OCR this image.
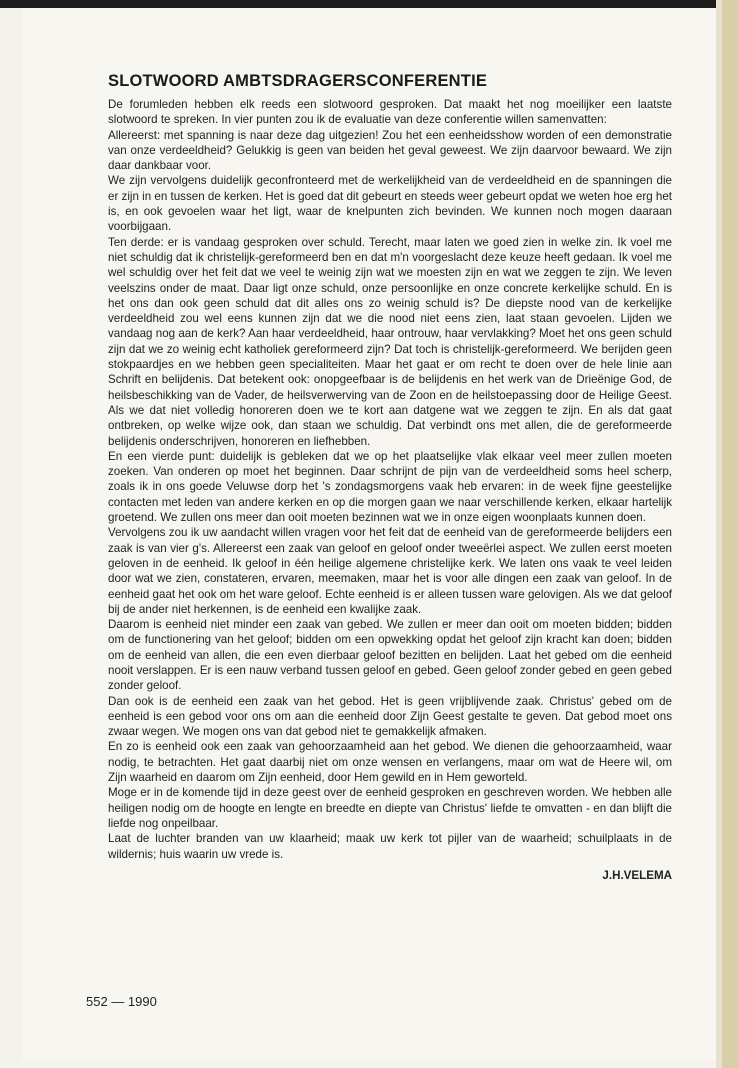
SLOTWOORD AMBTSDRAGERSCONFERENTIE

De forumleden hebben elk reeds een slotwoord gesproken. Dat maakt het nog moeilijker een laatste slotwoord te spreken. In vier punten zou ik de evaluatie van deze conferentie willen samenvatten:

Allereerst: met spanning is naar deze dag uitgezien! Zou het een eenheidsshow worden of een demonstratie van onze verdeeldheid? Gelukkig is geen van beiden het geval geweest. We zijn daarvoor bewaard. We zijn daar dankbaar voor.

We zijn vervolgens duidelijk geconfronteerd met de werkelijkheid van de verdeeldheid en de spanningen die er zijn in en tussen de kerken. Het is goed dat dit gebeurt en steeds weer gebeurt opdat we weten hoe erg het is, en ook gevoelen waar het ligt, waar de knelpunten zich bevinden. We kunnen noch mogen daaraan voorbijgaan.

Ten derde: er is vandaag gesproken over schuld. Terecht, maar laten we goed zien in welke zin. Ik voel me niet schuldig dat ik christelijk-gereformeerd ben en dat m'n voorgeslacht deze keuze heeft gedaan. Ik voel me wel schuldig over het feit dat we veel te weinig zijn wat we moesten zijn en wat we zeggen te zijn. We leven veelszins onder de maat. Daar ligt onze schuld, onze persoonlijke en onze concrete kerkelijke schuld. En is het ons dan ook geen schuld dat dit alles ons zo weinig schuld is? De diepste nood van de kerkelijke verdeeldheid zou wel eens kunnen zijn dat we die nood niet eens zien, laat staan gevoelen. Lijden we vandaag nog aan de kerk? Aan haar verdeeldheid, haar ontrouw, haar vervlakking? Moet het ons geen schuld zijn dat we zo weinig echt katholiek gereformeerd zijn? Dat toch is christelijk-gereformeerd. We berijden geen stokpaardjes en we hebben geen specialiteiten. Maar het gaat er om recht te doen over de hele linie aan Schrift en belijdenis. Dat betekent ook: onopgeefbaar is de belijdenis en het werk van de Drieënige God, de heilsbeschikking van de Vader, de heilsverwerving van de Zoon en de heilstoepassing door de Heilige Geest. Als we dat niet volledig honoreren doen we te kort aan datgene wat we zeggen te zijn. En als dat gaat ontbreken, op welke wijze ook, dan staan we schuldig. Dat verbindt ons met allen, die de gereformeerde belijdenis onderschrijven, honoreren en liefhebben.

En een vierde punt: duidelijk is gebleken dat we op het plaatselijke vlak elkaar veel meer zullen moeten zoeken. Van onderen op moet het beginnen. Daar schrijnt de pijn van de verdeeldheid soms heel scherp, zoals ik in ons goede Veluwse dorp het 's zondagsmorgens vaak heb ervaren: in de week fijne geestelijke contacten met leden van andere kerken en op die morgen gaan we naar verschillende kerken, elkaar hartelijk groetend. We zullen ons meer dan ooit moeten bezinnen wat we in onze eigen woonplaats kunnen doen.

Vervolgens zou ik uw aandacht willen vragen voor het feit dat de eenheid van de gereformeerde belijders een zaak is van vier g's. Allereerst een zaak van geloof en geloof onder tweeërlei aspect. We zullen eerst moeten geloven in de eenheid. Ik geloof in één heilige algemene christelijke kerk. We laten ons vaak te veel leiden door wat we zien, constateren, ervaren, meemaken, maar het is voor alle dingen een zaak van geloof. In de eenheid gaat het ook om het ware geloof. Echte eenheid is er alleen tussen ware gelovigen. Als we dat geloof bij de ander niet herkennen, is de eenheid een kwalijke zaak.

Daarom is eenheid niet minder een zaak van gebed. We zullen er meer dan ooit om moeten bidden; bidden om de functionering van het geloof; bidden om een opwekking opdat het geloof zijn kracht kan doen; bidden om de eenheid van allen, die een even dierbaar geloof bezitten en belijden. Laat het gebed om die eenheid nooit verslappen. Er is een nauw verband tussen geloof en gebed. Geen geloof zonder gebed en geen gebed zonder geloof.

Dan ook is de eenheid een zaak van het gebod. Het is geen vrijblijvende zaak. Christus' gebed om de eenheid is een gebod voor ons om aan die eenheid door Zijn Geest gestalte te geven. Dat gebod moet ons zwaar wegen. We mogen ons van dat gebod niet te gemakkelijk afmaken.

En zo is eenheid ook een zaak van gehoorzaamheid aan het gebod. We dienen die gehoorzaamheid, waar nodig, te betrachten. Het gaat daarbij niet om onze wensen en verlangens, maar om wat de Heere wil, om Zijn waarheid en daarom om Zijn eenheid, door Hem gewild en in Hem geworteld.

Moge er in de komende tijd in deze geest over de eenheid gesproken en geschreven worden. We hebben alle heiligen nodig om de hoogte en lengte en breedte en diepte van Christus' liefde te omvatten - en dan blijft die liefde nog onpeilbaar.

Laat de luchter branden van uw klaarheid; maak uw kerk tot pijler van de waarheid; schuilplaats in de wildernis; huis waarin uw vrede is.

J.H.VELEMA
552 — 1990
